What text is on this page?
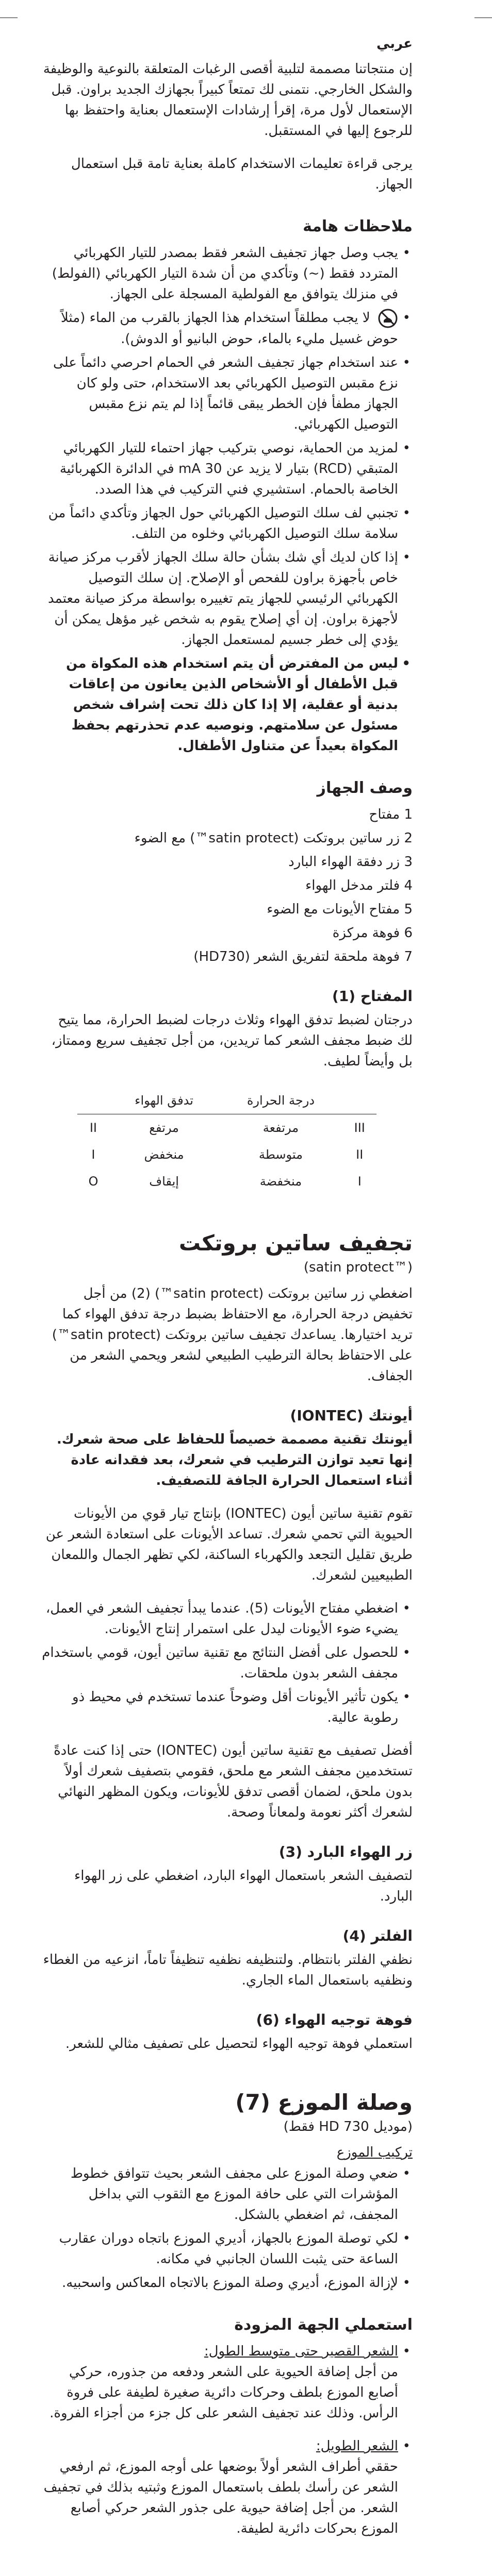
عربي

إن منتجاتنا مصممة لتلبية أقصى الرغبات المتعلقة بالنوعية والوظيفة والشكل الخارجي. نتمنى لك تمتعاً كبيراً بجهازك الجديد براون. قبل الإستعمال لأول مرة، إقرأ إرشادات الإستعمال بعناية واحتفظ بها للرجوع إليها في المستقبل.

يرجى قراءة تعليمات الاستخدام كاملة بعناية تامة قبل استعمال الجهاز.

ملاحظات هامة
• يجب وصل جهاز تجفيف الشعر فقط بمصدر للتيار الكهربائي المتردد فقط (~) وتأكدي من أن شدة التيار الكهربائي (الفولط) في منزلك يتوافق مع الفولطية المسجلة على الجهاز.
• لا يجب مطلقاً استخدام هذا الجهاز بالقرب من الماء (مثلاً حوض غسيل مليء بالماء، حوض البانيو أو الدوش).
• عند استخدام جهاز تجفيف الشعر في الحمام احرصي دائماً على نزع مقبس التوصيل الكهربائي بعد الاستخدام، حتى ولو كان الجهاز مطفأ فإن الخطر يبقى قائماً إذا لم يتم نزع مقبس التوصيل الكهربائي.
• لمزيد من الحماية، نوصي بتركيب جهاز احتماء للتيار الكهربائي المتبقي (RCD) بتيار لا يزيد عن 30 mA في الدائرة الكهربائية الخاصة بالحمام. استشيري فني التركيب في هذا الصدد.
• تجنبي لف سلك التوصيل الكهربائي حول الجهاز وتأكدي دائماً من سلامة سلك التوصيل الكهربائي وخلوه من التلف.
• إذا كان لديك أي شك بشأن حالة سلك الجهاز لأقرب مركز صيانة خاص بأجهزة براون للفحص أو الإصلاح. إن سلك التوصيل الكهربائي الرئيسي للجهاز يتم تغييره بواسطة مركز صيانة معتمد لأجهزة براون. إن أي إصلاح يقوم به شخص غير مؤهل يمكن أن يؤدي إلى خطر جسيم لمستعمل الجهاز.
• ليس من المفترض أن يتم استخدام هذه المكواة من قبل الأطفال أو الأشخاص الذين يعانون من إعاقات بدنية أو عقلية، إلا إذا كان ذلك تحت إشراف شخص مسئول عن سلامتهم. ونوصيه عدم تحذرتهم بحفظ المكواة بعيداً عن متناول الأطفال.
وصف الجهاز
1 مفتاح
2 زر ساتين بروتكت (satin protect™) مع الضوء
3 زر دفقة الهواء البارد
4 فلتر مدخل الهواء
5 مفتاح الأيونات مع الضوء
6 فوهة مركزة
7 فوهة ملحقة لتفريق الشعر (HD730)
المفتاح (1)

درجتان لضبط تدفق الهواء وثلاث درجات لضبط الحرارة، مما يتيح لك ضبط مجفف الشعر كما تريدين، من أجل تجفيف سريع وممتاز، بل وأيضاً لطيف.

	درجة الحرارة	تدفق الهواء	
III	مرتفعة	مرتفع	II
II	متوسطة	منخفض	I
I	منخفضة	إيقاف	O
تجفيف ساتين بروتكت
(satin protect™)

اضغطي زر ساتين بروتكت (satin protect™) (2) من أجل تخفيض درجة الحرارة، مع الاحتفاظ بضبط درجة تدفق الهواء كما تريد اختيارها. يساعدك تجفيف ساتين بروتكت (satin protect™) على الاحتفاظ بحالة الترطيب الطبيعي لشعر ويحمي الشعر من الجفاف.

أيونتك (IONTEC)

أيونتك تقنية مصممة خصيصاً للحفاظ على صحة شعرك. إنها تعيد توازن الترطيب في شعرك، بعد فقدانه عادة أثناء استعمال الحرارة الجافة للتصفيف.

تقوم تقنية ساتين أيون (IONTEC) بإنتاج تيار قوي من الأيونات الحيوية التي تحمي شعرك. تساعد الأيونات على استعادة الشعر عن طريق تقليل التجعد والكهرباء الساكنة، لكي تظهر الجمال واللمعان الطبيعيين لشعرك.

• اضغطي مفتاح الأيونات (5). عندما يبدأ تجفيف الشعر في العمل، يضيء ضوء الأيونات ليدل على استمرار إنتاج الأيونات.
• للحصول على أفضل النتائج مع تقنية ساتين أيون، قومي باستخدام مجفف الشعر بدون ملحقات.
• يكون تأثير الأيونات أقل وضوحاً عندما تستخدم في محيط ذو رطوبة عالية.

أفضل تصفيف مع تقنية ساتين أيون (IONTEC) حتى إذا كنت عادةً تستخدمين مجفف الشعر مع ملحق، فقومي بتصفيف شعرك أولاً بدون ملحق، لضمان أقصى تدفق للأيونات، ويكون المظهر النهائي لشعرك أكثر نعومة ولمعاناً وصحة.

زر الهواء البارد (3)

لتصفيف الشعر باستعمال الهواء البارد، اضغطي على زر الهواء البارد.

الفلتر (4)

نظفي الفلتر بانتظام. ولتنظيفه نظفيه تنظيفاً تاماً، انزعيه من الغطاء ونظفيه باستعمال الماء الجاري.

فوهة توجيه الهواء (6)

استعملي فوهة توجيه الهواء لتحصيل على تصفيف مثالي للشعر.

وصلة الموزع (7)
(موديل HD 730 فقط)
تركيب الموزع
• ضعي وصلة الموزع على مجفف الشعر بحيث تتوافق خطوط المؤشرات التي على حافة الموزع مع الثقوب التي بداخل المجفف، ثم اضغطي بالشكل.
• لكي توصلة الموزع بالجهاز، أديري الموزع باتجاه دوران عقارب الساعة حتى يثبت اللسان الجانبي في مكانه.
• لإزالة الموزع، أديري وصلة الموزع بالاتجاه المعاكس واسحبيه.
استعملي الجهة المزودة
• الشعر القصير حتى متوسط الطول:
من أجل إضافة الحيوية على الشعر ودفعه من جذوره، حركي أصابع الموزع بلطف وحركات دائرية صغيرة لطيفة على فروة الرأس. وذلك عند تجفيف الشعر على كل جزء من أجزاء الفروة.
• الشعر الطويل:
حققي أطراف الشعر أولاً بوضعها على أوجه الموزع، ثم ارفعي الشعر عن رأسك بلطف باستعمال الموزع وثبتيه بذلك في تجفيف الشعر. من أجل إضافة حيوية على جذور الشعر حركي أصابع الموزع بحركات دائرية لطيفة.
